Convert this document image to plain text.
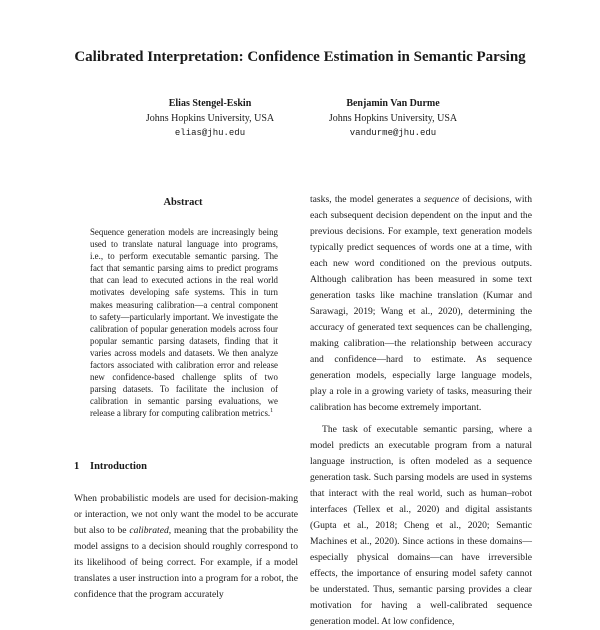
Calibrated Interpretation: Confidence Estimation in Semantic Parsing
Elias Stengel-Eskin
Johns Hopkins University, USA
elias@jhu.edu
Benjamin Van Durme
Johns Hopkins University, USA
vandurme@jhu.edu
Abstract
Sequence generation models are increasingly being used to translate natural language into programs, i.e., to perform executable semantic parsing. The fact that semantic parsing aims to predict programs that can lead to executed actions in the real world motivates developing safe systems. This in turn makes measuring calibration—a central component to safety—particularly important. We investigate the calibration of popular generation models across four popular semantic parsing datasets, finding that it varies across models and datasets. We then analyze factors associated with calibration error and release new confidence-based challenge splits of two parsing datasets. To facilitate the inclusion of calibration in semantic parsing evaluations, we release a library for computing calibration metrics.$^1$
1 Introduction

When probabilistic models are used for decision-making or interaction, we not only want the model to be accurate but also to be calibrated, meaning that the probability the model assigns to a decision should roughly correspond to its likelihood of being correct. For example, if a model translates a user instruction into a program for a robot, the confidence that the program accurately

tasks, the model generates a sequence of decisions, with each subsequent decision dependent on the input and the previous decisions. For example, text generation models typically predict sequences of words one at a time, with each new word conditioned on the previous outputs. Although calibration has been measured in some text generation tasks like machine translation (Kumar and Sarawagi, 2019; Wang et al., 2020), determining the accuracy of generated text sequences can be challenging, making calibration—the relationship between accuracy and confidence—hard to estimate. As sequence generation models, especially large language models, play a role in a growing variety of tasks, measuring their calibration has become extremely important.

The task of executable semantic parsing, where a model predicts an executable program from a natural language instruction, is often modeled as a sequence generation task. Such parsing models are used in systems that interact with the real world, such as human–robot interfaces (Tellex et al., 2020) and digital assistants (Gupta et al., 2018; Cheng et al., 2020; Semantic Machines et al., 2020). Since actions in these domains—especially physical domains—can have irreversible effects, the importance of ensuring model safety cannot be understated. Thus, semantic parsing provides a clear motivation for having a well-calibrated sequence generation model. At low confidence,
